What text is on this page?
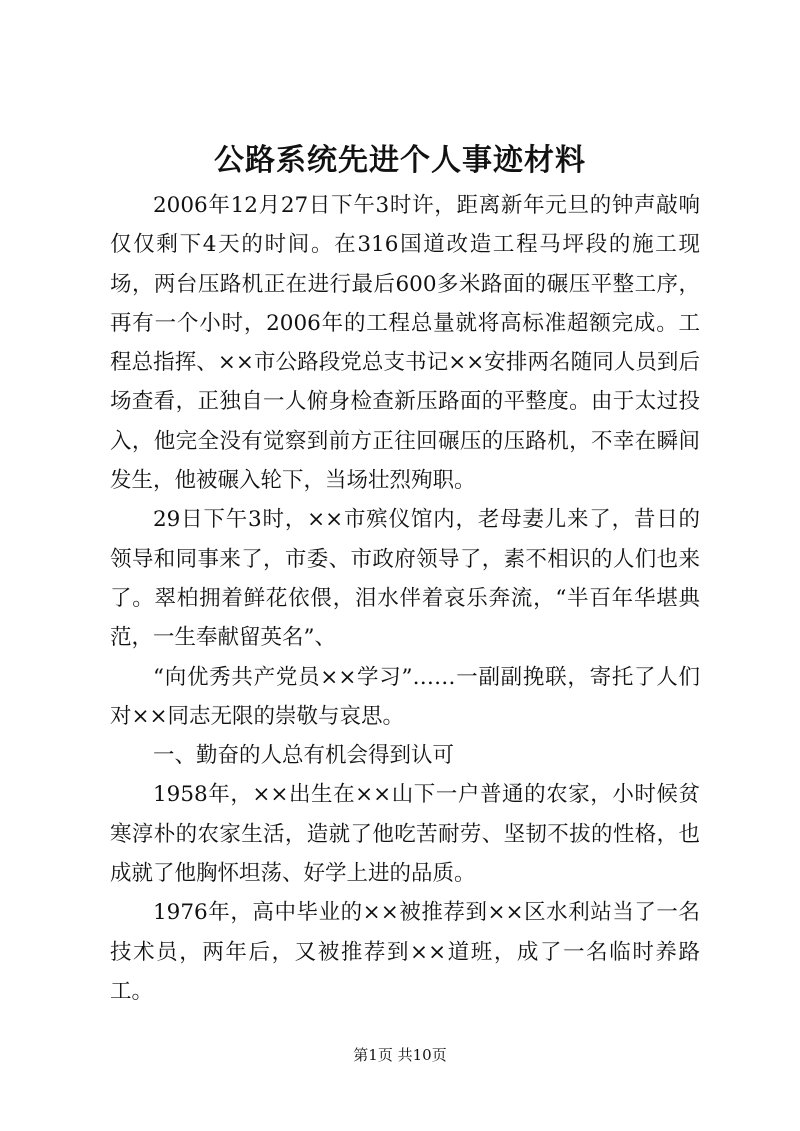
公路系统先进个人事迹材料

2006年12月27日下午3时许，距离新年元旦的钟声敲响仅仅剩下4天的时间。在316国道改造工程马坪段的施工现场，两台压路机正在进行最后600多米路面的碾压平整工序，再有一个小时，2006年的工程总量就将高标准超额完成。工程总指挥、××市公路段党总支书记××安排两名随同人员到后场查看，正独自一人俯身检查新压路面的平整度。由于太过投入，他完全没有觉察到前方正往回碾压的压路机，不幸在瞬间发生，他被碾入轮下，当场壮烈殉职。

29日下午3时，××市殡仪馆内，老母妻儿来了，昔日的领导和同事来了，市委、市政府领导了，素不相识的人们也来了。翠柏拥着鲜花依偎，泪水伴着哀乐奔流，“半百年华堪典范，一生奉献留英名”、

“向优秀共产党员××学习”……一副副挽联，寄托了人们对××同志无限的崇敬与哀思。

一、勤奋的人总有机会得到认可

1958年，××出生在××山下一户普通的农家，小时候贫寒淳朴的农家生活，造就了他吃苦耐劳、坚韧不拔的性格，也成就了他胸怀坦荡、好学上进的品质。

1976年，高中毕业的××被推荐到××区水利站当了一名技术员，两年后，又被推荐到××道班，成了一名临时养路工。

第1页 共10页
